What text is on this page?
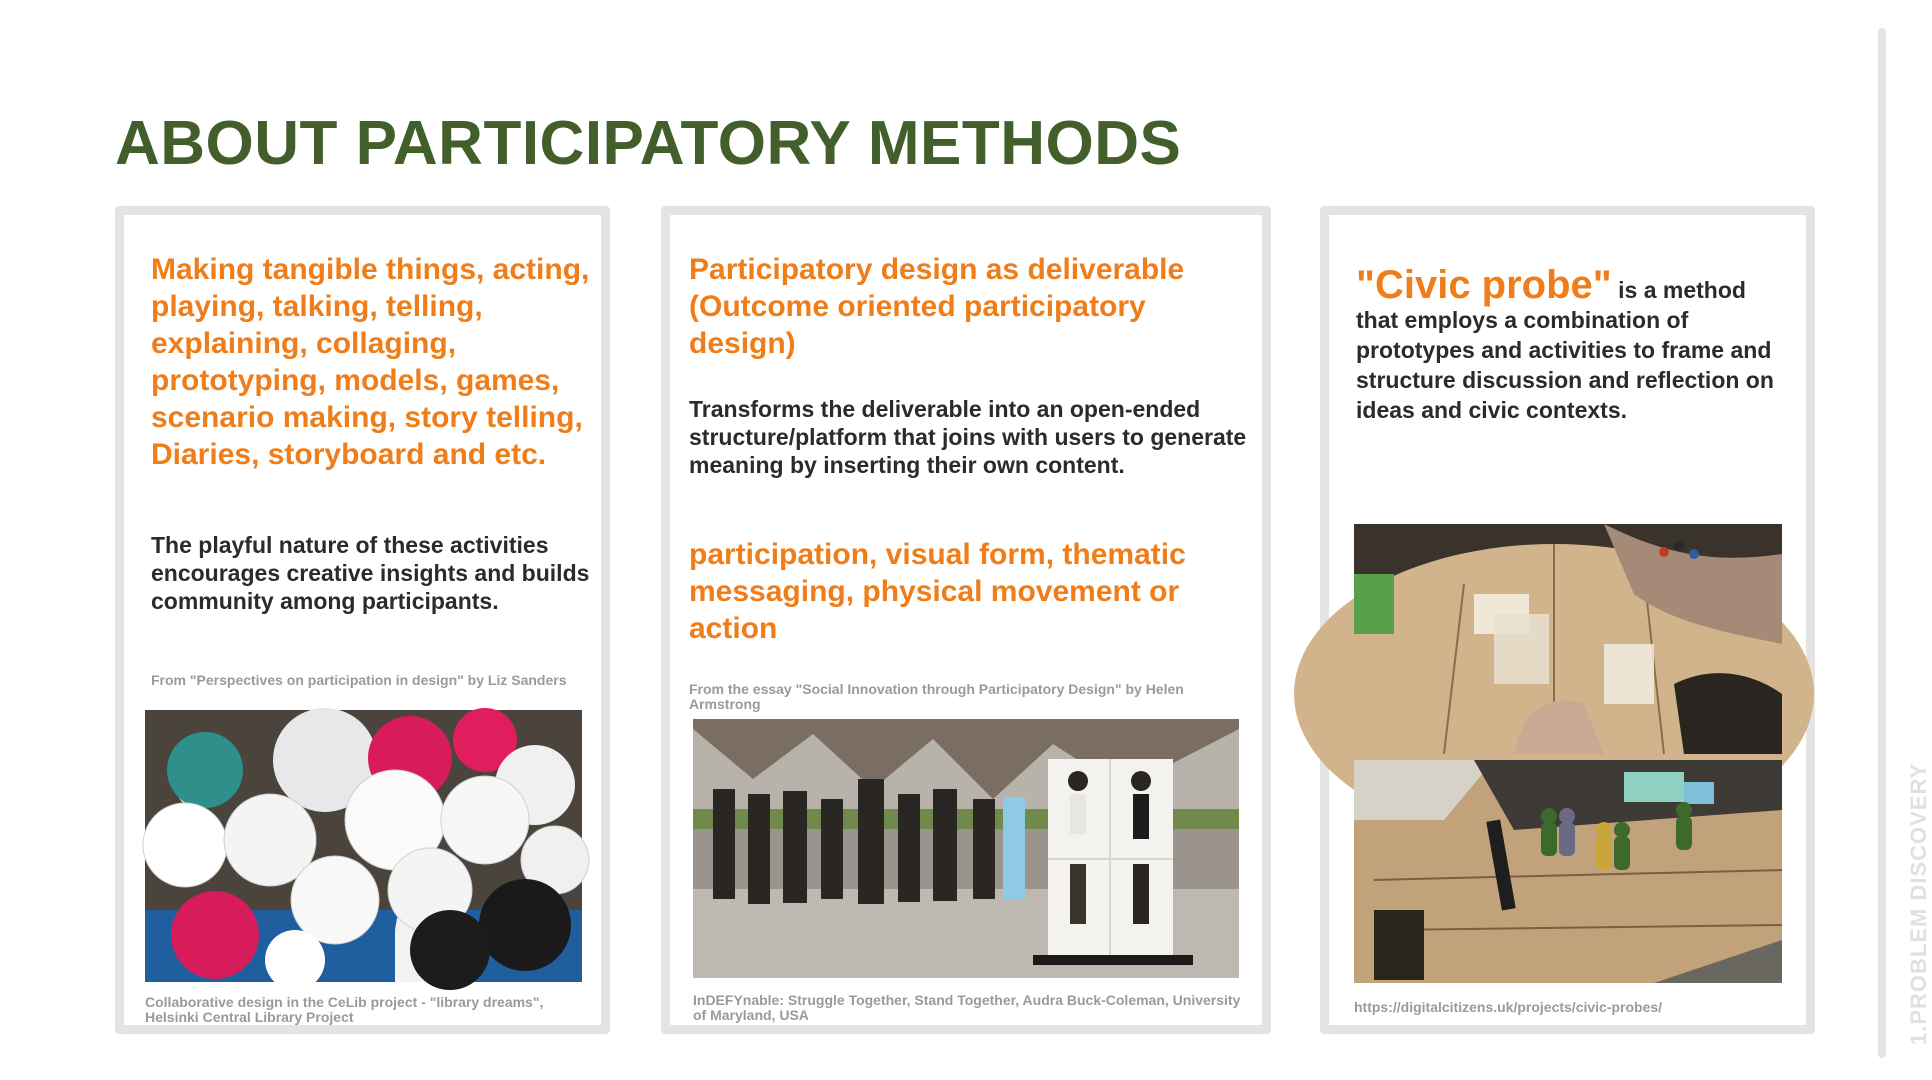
ABOUT PARTICIPATORY METHODS
Making tangible things, acting, playing, talking, telling, explaining, collaging, prototyping, models, games, scenario making, story telling, Diaries, storyboard and etc.
The playful nature of these activities encourages creative insights and builds community among participants.
From "Perspectives on participation in design" by Liz Sanders
Collaborative design in the CeLib project - "library dreams", Helsinki Central Library Project
Participatory design as deliverable (Outcome oriented participatory design)
Transforms the deliverable into an open-ended structure/platform that joins with users to generate meaning by inserting their own content.
participation, visual form, thematic messaging, physical movement or action
From the essay "Social Innovation through Participatory Design" by Helen Armstrong
InDEFYnable: Struggle Together, Stand Together, Audra Buck-Coleman, University of Maryland, USA
"Civic probe" is a method that employs a combination of prototypes and activities to frame and structure discussion and reflection on ideas and civic contexts.
https://digitalcitizens.uk/projects/civic-probes/	1.PROBLEM DISCOVERY
